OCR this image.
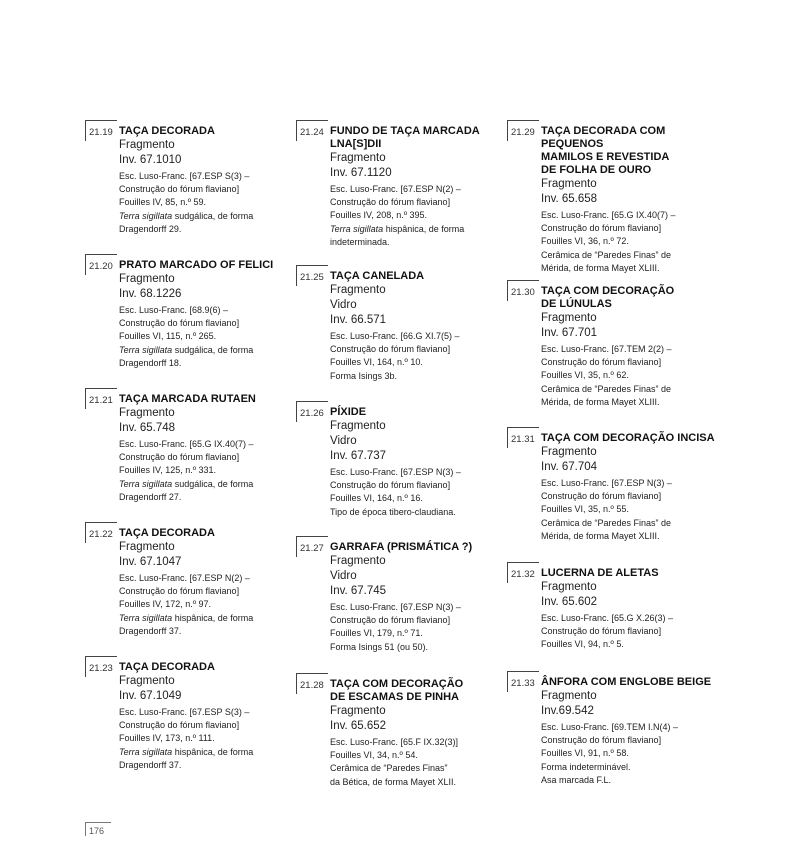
21.19 TAÇA DECORADA
Fragmento
Inv. 67.1010
Esc. Luso-Franc. [67.ESP S(3) –
Construção do fórum flaviano]
Fouilles IV, 85, n.º 59.
Terra sigillata sudgálica, de forma
Dragendorff 29.
21.20 PRATO MARCADO OF FELICI
Fragmento
Inv. 68.1226
Esc. Luso-Franc. [68.9(6) –
Construção do fórum flaviano]
Fouilles VI, 115, n.º 265.
Terra sigillata sudgálica, de forma
Dragendorff 18.
21.21 TAÇA MARCADA RUTAEN
Fragmento
Inv. 65.748
Esc. Luso-Franc. [65.G IX.40(7) –
Construção do fórum flaviano]
Fouilles IV, 125, n.º 331.
Terra sigillata sudgálica, de forma
Dragendorff 27.
21.22 TAÇA DECORADA
Fragmento
Inv. 67.1047
Esc. Luso-Franc. [67.ESP N(2) –
Construção do fórum flaviano]
Fouilles IV, 172, n.º 97.
Terra sigillata hispânica, de forma
Dragendorff 37.
21.23 TAÇA DECORADA
Fragmento
Inv. 67.1049
Esc. Luso-Franc. [67.ESP S(3) –
Construção do fórum flaviano]
Fouilles IV, 173, n.º 111.
Terra sigillata hispânica, de forma
Dragendorff 37.
21.24 FUNDO DE TAÇA MARCADA
LNA[S]DII
Fragmento
Inv. 67.1120
Esc. Luso-Franc. [67.ESP N(2) –
Construção do fórum flaviano]
Fouilles IV, 208, n.º 395.
Terra sigillata hispânica, de forma
indeterminada.
21.25 TAÇA CANELADA
Fragmento
Vidro
Inv. 66.571
Esc. Luso-Franc. [66.G XI.7(5) –
Construção do fórum flaviano]
Fouilles VI, 164, n.º 10.
Forma Isings 3b.
21.26 PÍXIDE
Fragmento
Vidro
Inv. 67.737
Esc. Luso-Franc. [67.ESP N(3) –
Construção do fórum flaviano]
Fouilles VI, 164, n.º 16.
Tipo de época tibero-claudiana.
21.27 GARRAFA (PRISMÁTICA ?)
Fragmento
Vidro
Inv. 67.745
Esc. Luso-Franc. [67.ESP N(3) –
Construção do fórum flaviano]
Fouilles VI, 179, n.º 71.
Forma Isings 51 (ou 50).
21.28 TAÇA COM DECORAÇÃO
DE ESCAMAS DE PINHA
Fragmento
Inv. 65.652
Esc. Luso-Franc. [65.F IX.32(3)]
Fouilles VI, 34, n.º 54.
Cerâmica de “Paredes Finas”
da Bética, de forma Mayet XLII.
21.29 TAÇA DECORADA COM PEQUENOS
MAMILOS E REVESTIDA
DE FOLHA DE OURO
Fragmento
Inv. 65.658
Esc. Luso-Franc. [65.G IX.40(7) –
Construção do fórum flaviano]
Fouilles VI, 36, n.º 72.
Cerâmica de “Paredes Finas” de
Mérida, de forma Mayet XLIII.
21.30 TAÇA COM DECORAÇÃO
DE LÚNULAS
Fragmento
Inv. 67.701
Esc. Luso-Franc. [67.TEM 2(2) –
Construção do fórum flaviano]
Fouilles VI, 35, n.º 62.
Cerâmica de “Paredes Finas” de
Mérida, de forma Mayet XLIII.
21.31 TAÇA COM DECORAÇÃO INCISA
Fragmento
Inv. 67.704
Esc. Luso-Franc. [67.ESP N(3) –
Construção do fórum flaviano]
Fouilles VI, 35, n.º 55.
Cerâmica de “Paredes Finas” de
Mérida, de forma Mayet XLIII.
21.32 LUCERNA DE ALETAS
Fragmento
Inv. 65.602
Esc. Luso-Franc. [65.G X.26(3) –
Construção do fórum flaviano]
Fouilles VI, 94, n.º 5.
21.33 ÂNFORA COM ENGLOBE BEIGE
Fragmento
Inv.69.542
Esc. Luso-Franc. [69.TEM I.N(4) –
Construção do fórum flaviano]
Fouilles VI, 91, n.º 58.
Forma indeterminável.
Asa marcada F.L.
176
